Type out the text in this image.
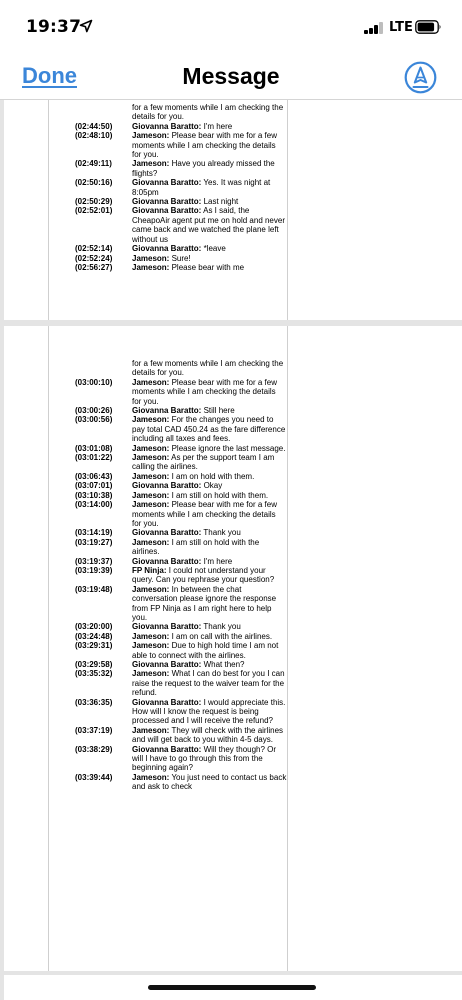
19:37	LTE
Done	Message
for a few moments while I am checking the details for you.
(02:44:50)	Giovanna Baratto: I'm here
(02:48:10)	Jameson: Please bear with me for a few moments while I am checking the details for you.
(02:49:11)	Jameson: Have you already missed the flights?
(02:50:16)	Giovanna Baratto: Yes. It was night at 8:05pm
(02:50:29)	Giovanna Baratto: Last night
(02:52:01)	Giovanna Baratto: As I said, the CheapoAir agent put me on hold and never came back and we watched the plane left without us
(02:52:14)	Giovanna Baratto: *leave
(02:52:24)	Jameson: Sure!
(02:56:27)	Jameson: Please bear with me
for a few moments while I am checking the details for you.
(03:00:10)	Jameson: Please bear with me for a few moments while I am checking the details for you.
(03:00:26)	Giovanna Baratto: Still here
(03:00:56)	Jameson: For the changes you need to pay total CAD 450.24 as the fare difference including all taxes and fees.
(03:01:08)	Jameson: Please ignore the last message.
(03:01:22)	Jameson: As per the support team I am calling the airlines.
(03:06:43)	Jameson: I am on hold with them.
(03:07:01)	Giovanna Baratto: Okay
(03:10:38)	Jameson: I am still on hold with them.
(03:14:00)	Jameson: Please bear with me for a few moments while I am checking the details for you.
(03:14:19)	Giovanna Baratto: Thank you
(03:19:27)	Jameson: I am still on hold with the airlines.
(03:19:37)	Giovanna Baratto: I'm here
(03:19:39)	FP Ninja: I could not understand your query. Can you rephrase your question?
(03:19:48)	Jameson: In between the chat conversation please ignore the response from FP Ninja as I am right here to help you.
(03:20:00)	Giovanna Baratto: Thank you
(03:24:48)	Jameson: I am on call with the airlines.
(03:29:31)	Jameson: Due to high hold time I am not able to connect with the airlines.
(03:29:58)	Giovanna Baratto: What then?
(03:35:32)	Jameson: What I can do best for you I can raise the request to the waiver team for the refund.
(03:36:35)	Giovanna Baratto: I would appreciate this. How will I know the request is being processed and I will receive the refund?
(03:37:19)	Jameson: They will check with the airlines and will get back to you within 4-5 days.
(03:38:29)	Giovanna Baratto: Will they though? Or will I have to go through this from the beginning again?
(03:39:44)	Jameson: You just need to contact us back and ask to check
